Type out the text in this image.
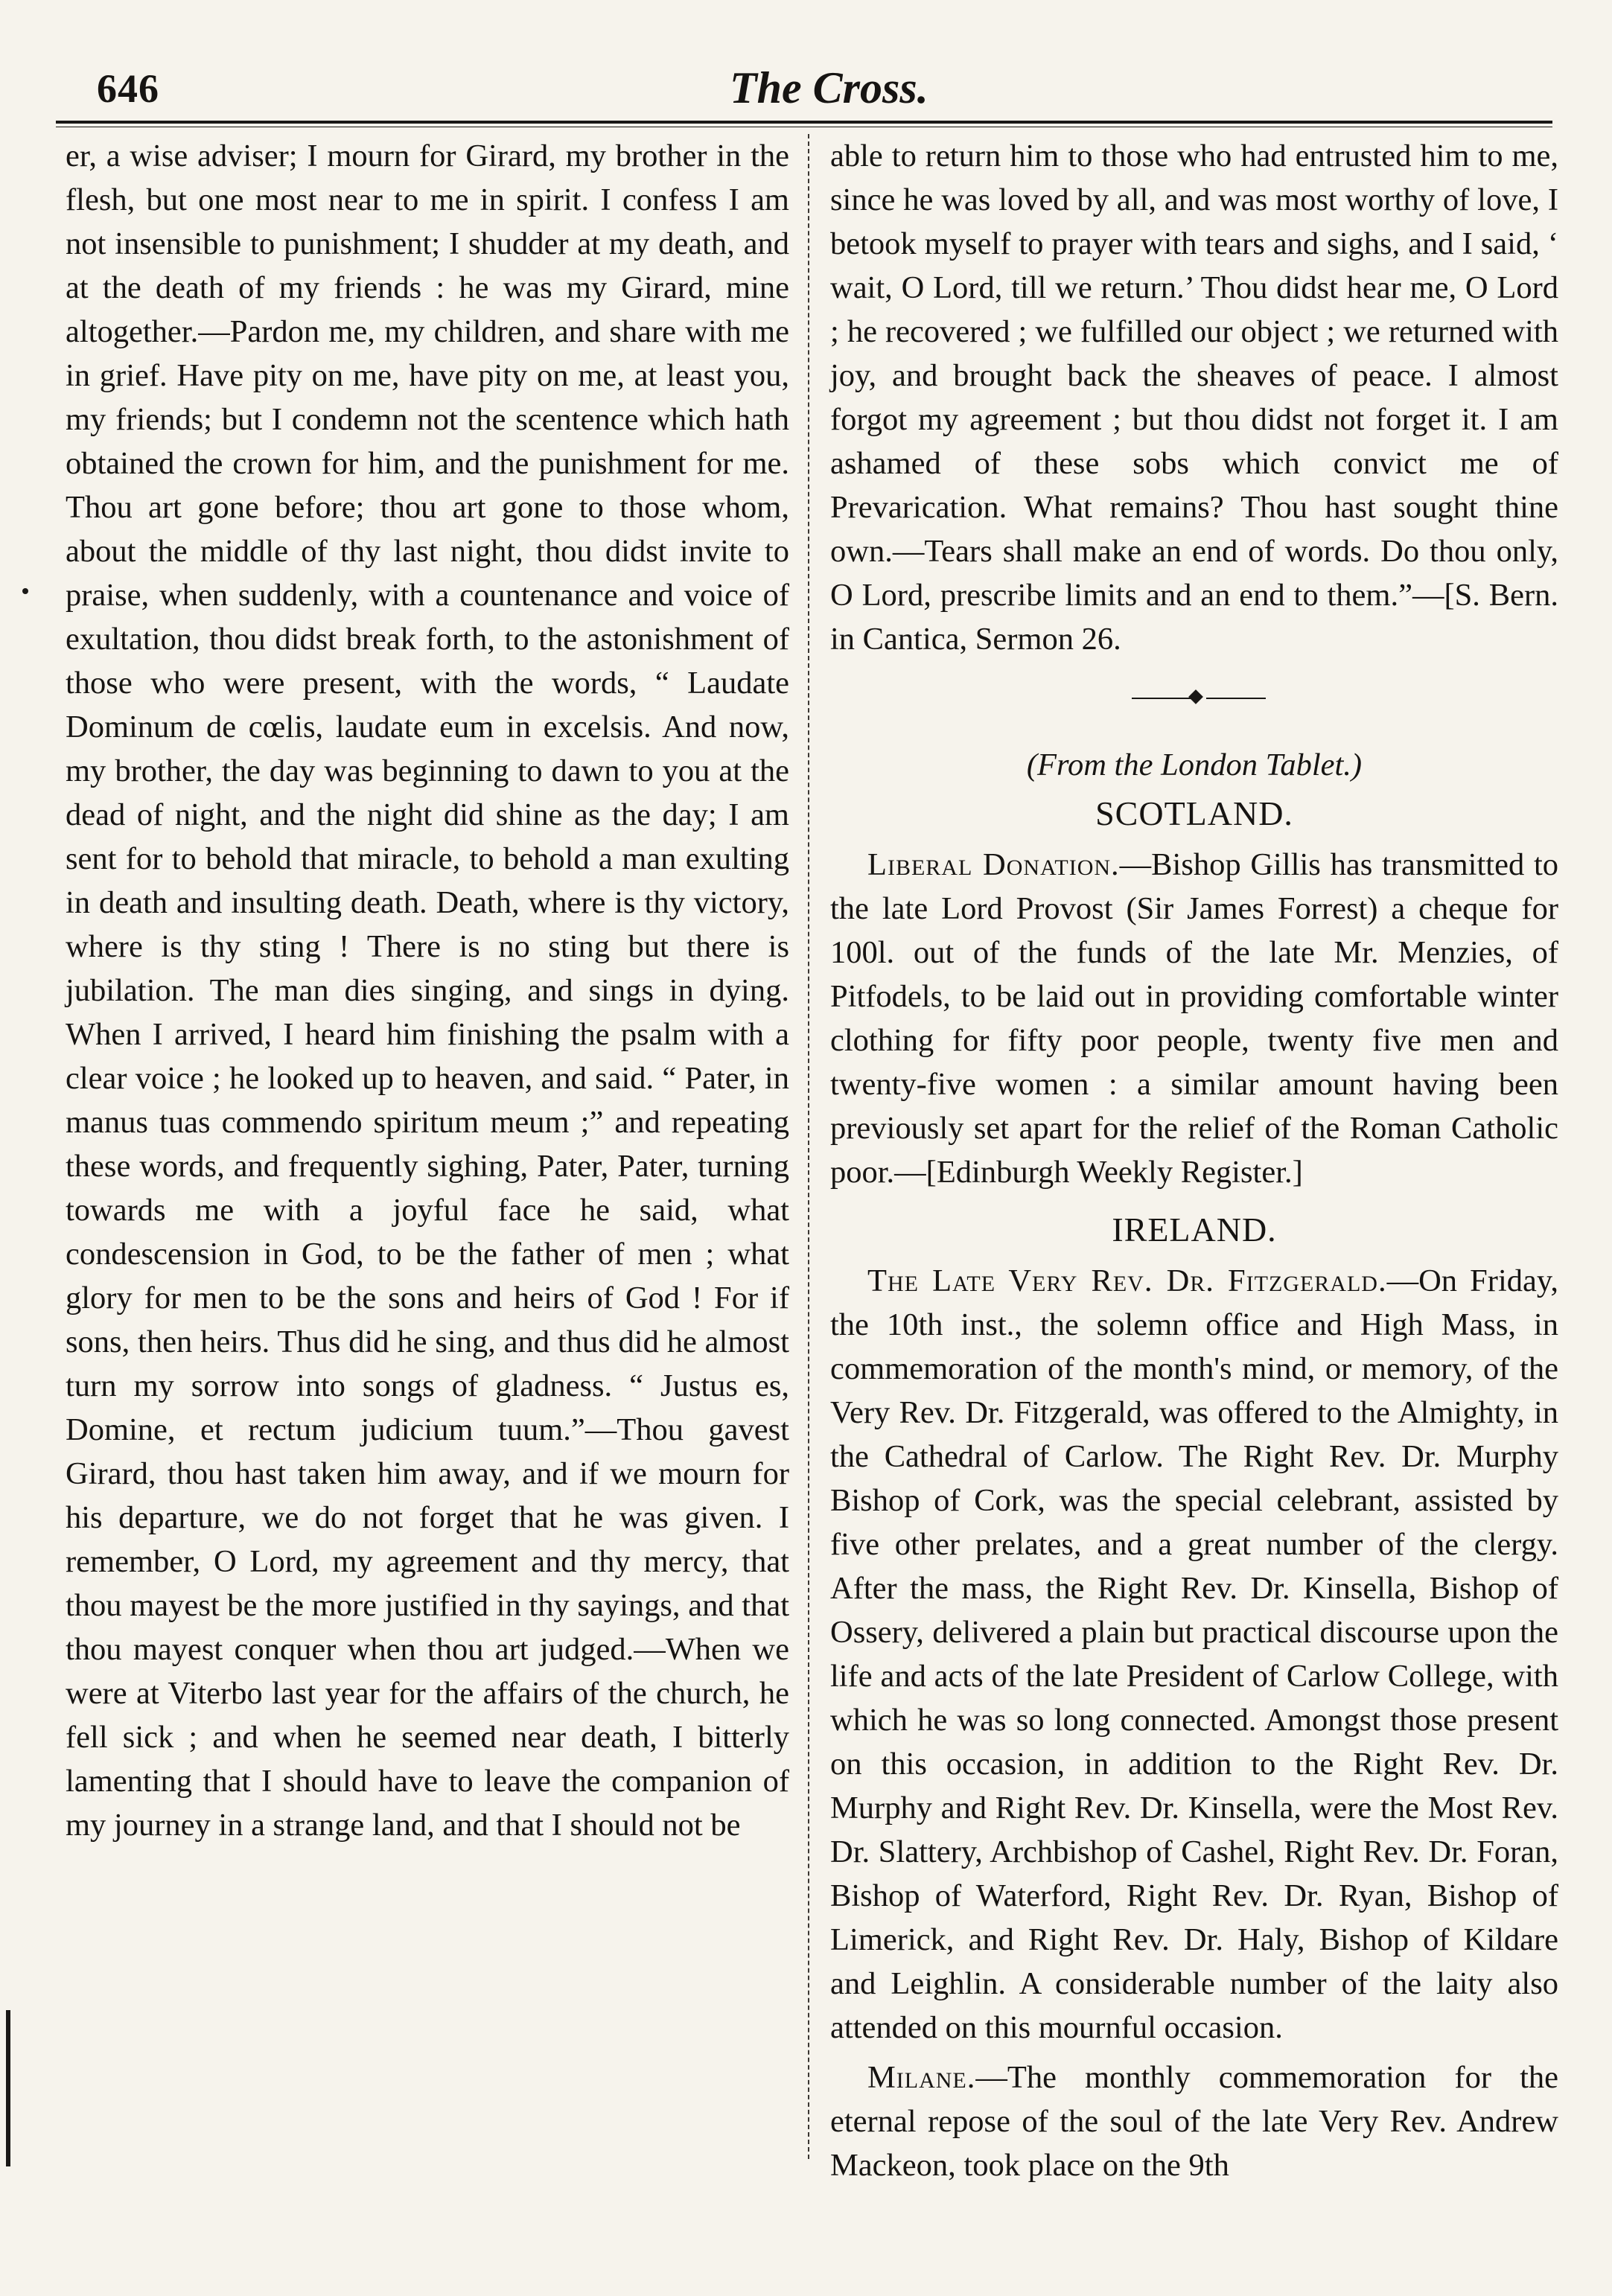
646	The Cross.

er, a wise adviser; I mourn for Girard, my brother in the flesh, but one most near to me in spirit. I confess I am not insensible to punishment; I shudder at my death, and at the death of my friends : he was my Girard, mine altogether.—Pardon me, my children, and share with me in grief. Have pity on me, have pity on me, at least you, my friends; but I condemn not the scentence which hath obtained the crown for him, and the punishment for me. Thou art gone before; thou art gone to those whom, about the middle of thy last night, thou didst invite to praise, when suddenly, with a countenance and voice of exultation, thou didst break forth, to the astonishment of those who were present, with the words, “ Laudate Dominum de cœlis, laudate eum in excelsis. And now, my brother, the day was beginning to dawn to you at the dead of night, and the night did shine as the day; I am sent for to behold that miracle, to behold a man exulting in death and insulting death. Death, where is thy victory, where is thy sting ! There is no sting but there is jubilation. The man dies singing, and sings in dying. When I arrived, I heard him finishing the psalm with a clear voice ; he looked up to heaven, and said. “ Pater, in manus tuas commendo spiritum meum ;” and repeating these words, and frequently sighing, Pater, Pater, turning towards me with a joyful face he said, what condescension in God, to be the father of men ; what glory for men to be the sons and heirs of God ! For if sons, then heirs. Thus did he sing, and thus did he almost turn my sorrow into songs of gladness. “ Justus es, Domine, et rectum judicium tuum.”—Thou gavest Girard, thou hast taken him away, and if we mourn for his departure, we do not forget that he was given. I remember, O Lord, my agreement and thy mercy, that thou mayest be the more justified in thy sayings, and that thou mayest conquer when thou art judged.—When we were at Viterbo last year for the affairs of the church, he fell sick ; and when he seemed near death, I bitterly lamenting that I should have to leave the companion of my journey in a strange land, and that I should not be

able to return him to those who had entrusted him to me, since he was loved by all, and was most worthy of love, I betook myself to prayer with tears and sighs, and I said, ‘ wait, O Lord, till we return.’ Thou didst hear me, O Lord ; he recovered ; we fulfilled our object ; we returned with joy, and brought back the sheaves of peace. I almost forgot my agreement ; but thou didst not forget it. I am ashamed of these sobs which convict me of Prevarication. What remains? Thou hast sought thine own.—Tears shall make an end of words. Do thou only, O Lord, prescribe limits and an end to them.”—[S. Bern. in Cantica, Sermon 26.

(From the London Tablet.)

SCOTLAND.

Liberal Donation.—Bishop Gillis has transmitted to the late Lord Provost (Sir James Forrest) a cheque for 100l. out of the funds of the late Mr. Menzies, of Pitfodels, to be laid out in providing comfortable winter clothing for fifty poor people, twenty five men and twenty-five women : a similar amount having been previously set apart for the relief of the Roman Catholic poor.—[Edinburgh Weekly Register.]

IRELAND.

The Late Very Rev. Dr. Fitzgerald.—On Friday, the 10th inst., the solemn office and High Mass, in commemoration of the month's mind, or memory, of the Very Rev. Dr. Fitzgerald, was offered to the Almighty, in the Cathedral of Carlow. The Right Rev. Dr. Murphy Bishop of Cork, was the special celebrant, assisted by five other prelates, and a great number of the clergy. After the mass, the Right Rev. Dr. Kinsella, Bishop of Ossery, delivered a plain but practical discourse upon the life and acts of the late President of Carlow College, with which he was so long connected. Amongst those present on this occasion, in addition to the Right Rev. Dr. Murphy and Right Rev. Dr. Kinsella, were the Most Rev. Dr. Slattery, Archbishop of Cashel, Right Rev. Dr. Foran, Bishop of Waterford, Right Rev. Dr. Ryan, Bishop of Limerick, and Right Rev. Dr. Haly, Bishop of Kildare and Leighlin. A considerable number of the laity also attended on this mournful occasion.

Milane.—The monthly commemoration for the eternal repose of the soul of the late Very Rev. Andrew Mackeon, took place on the 9th
